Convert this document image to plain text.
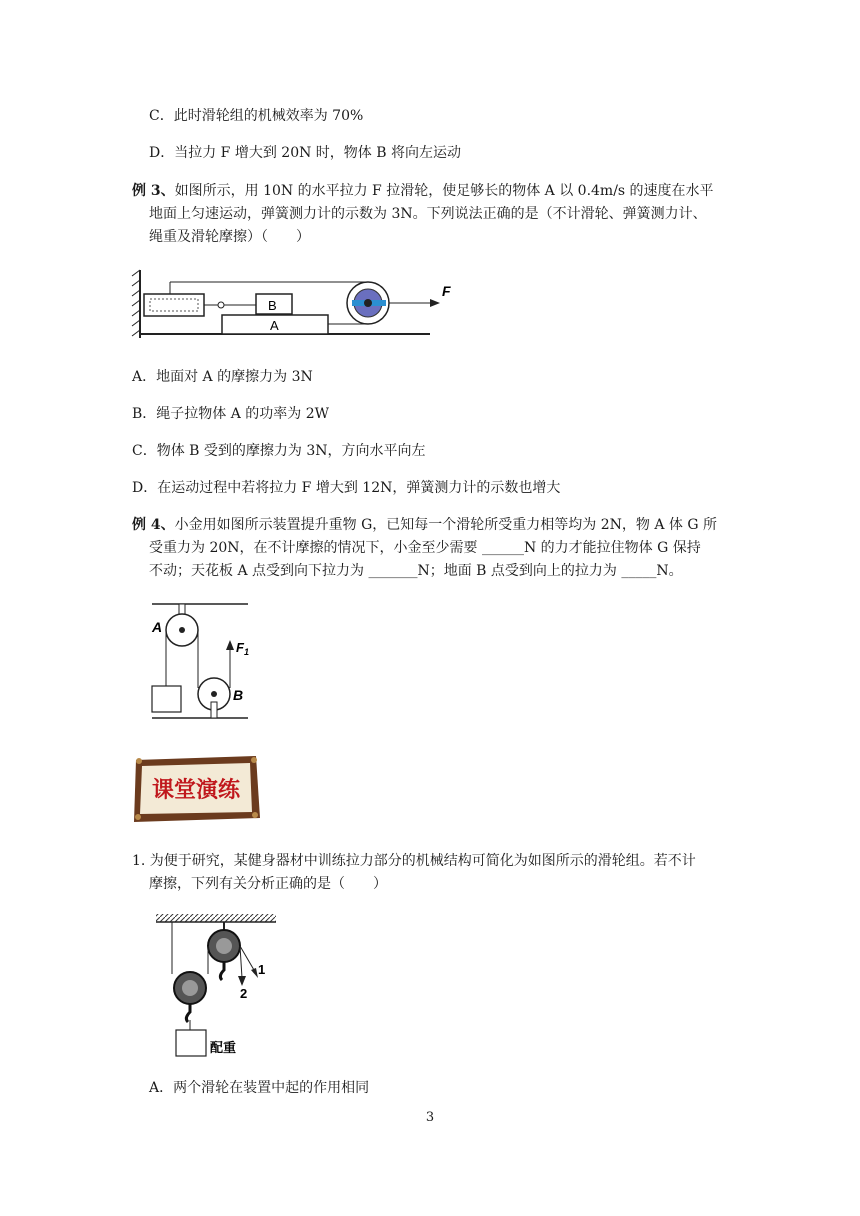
C．此时滑轮组的机械效率为 70%
D．当拉力 F 增大到 20N 时，物体 B 将向左运动
例 3、如图所示，用 10N 的水平拉力 F 拉滑轮，使足够长的物体 A 以 0.4m/s 的速度在水平
地面上匀速运动，弹簧测力计的示数为 3N。下列说法正确的是（不计滑轮、弹簧测力计、
绳重及滑轮摩擦）（　　）
B
A
F
A．地面对 A 的摩擦力为 3N
B．绳子拉物体 A 的功率为 2W
C．物体 B 受到的摩擦力为 3N，方向水平向左
D．在运动过程中若将拉力 F 增大到 12N，弹簧测力计的示数也增大
例 4、小金用如图所示装置提升重物 G，已知每一个滑轮所受重力相等均为 2N，物 A 体 G 所
受重力为 20N，在不计摩擦的情况下，小金至少需要 ______N 的力才能拉住物体 G 保持
不动；天花板 A 点受到向下拉力为 _______N；地面 B 点受到向上的拉力为 _____N。
A
$F_1$
B
课堂演练
1. 为便于研究，某健身器材中训练拉力部分的机械结构可简化为如图所示的滑轮组。若不计
摩擦，下列有关分析正确的是（　　）
1
2
配重
A．两个滑轮在装置中起的作用相同
3
